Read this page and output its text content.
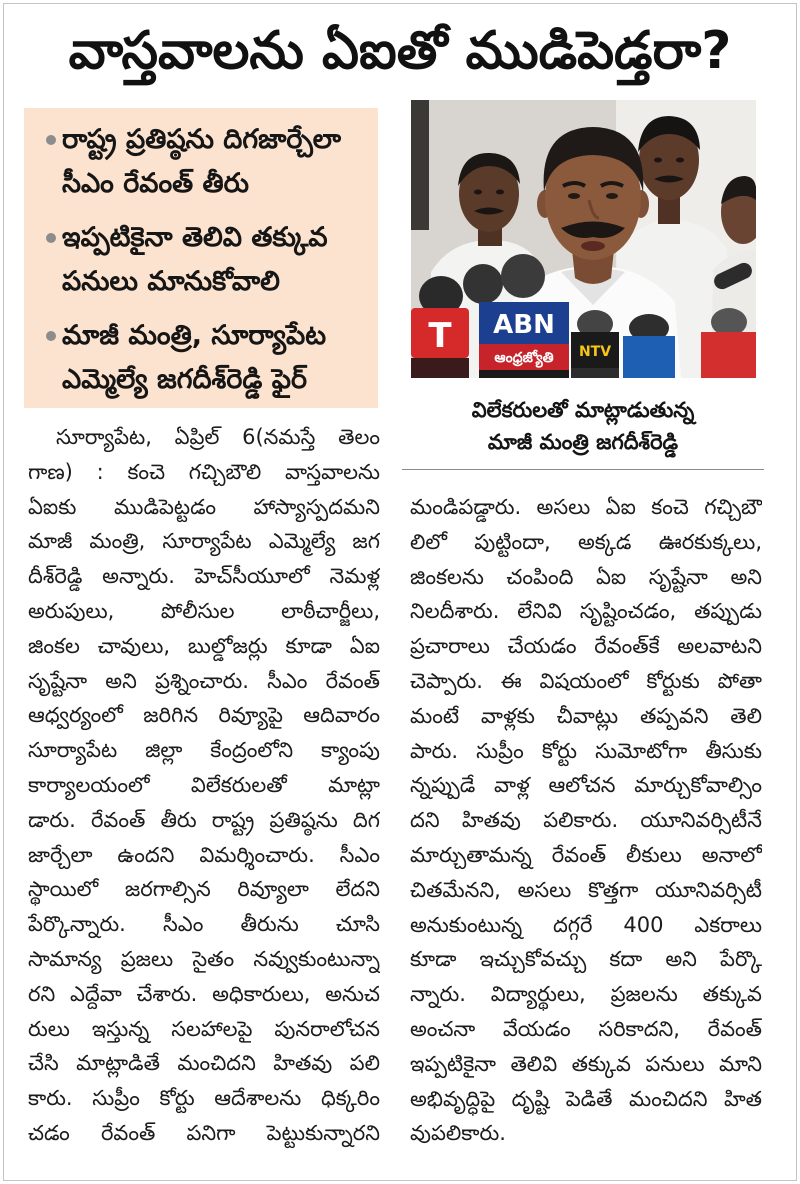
వాస్తవాలను ఏఐతో ముడిపెడ్తరా?
రాష్ట్ర ప్రతిష్ఠను దిగజార్చేలా
సీఎం రేవంత్ తీరు
ఇప్పటికైనా తెలివి తక్కువ
పనులు మానుకోవాలి
మాజీ మంత్రి, సూర్యాపేట
ఎమ్మెల్యే జగదీశ్‌రెడ్డి ఫైర్
T ABN
ఆంధ్రజ్యోతి NTV
విలేకరులతో మాట్లాడుతున్న
మాజీ మంత్రి జగదీశ్‌రెడ్డి
సూర్యాపేట, ఏప్రిల్ 6(నమస్తే తెలం
గాణ) : కంచె గచ్చిబౌలి వాస్తవాలను
ఏఐకు ముడిపెట్టడం హాస్యాస్పదమని
మాజీ మంత్రి, సూర్యాపేట ఎమ్మెల్యే జగ
దీశ్‌రెడ్డి అన్నారు. హెచ్‌సీయూలో నెమళ్ల
అరుపులు, పోలీసుల లాఠీచార్జీలు,
జింకల చావులు, బుల్డోజర్లు కూడా ఏఐ
సృష్టేనా అని ప్రశ్నించారు. సీఎం రేవంత్
ఆధ్వర్యంలో జరిగిన రివ్యూపై ఆదివారం
సూర్యాపేట జిల్లా కేంద్రంలోని క్యాంపు
కార్యాలయంలో విలేకరులతో మాట్లా
డారు. రేవంత్ తీరు రాష్ట్ర ప్రతిష్ఠను దిగ
జార్చేలా ఉందని విమర్శించారు. సీఎం
స్థాయిలో జరగాల్సిన రివ్యూలా లేదని
పేర్కొన్నారు. సీఎం తీరును చూసి
సామాన్య ప్రజలు సైతం నవ్వుకుంటున్నా
రని ఎద్దేవా చేశారు. అధికారులు, అనుచ
రులు ఇస్తున్న సలహాలపై పునరాలోచన
చేసి మాట్లాడితే మంచిదని హితవు పలి
కారు. సుప్రీం కోర్టు ఆదేశాలను ధిక్కరిం
చడం రేవంత్ పనిగా పెట్టుకున్నారని
మండిపడ్డారు. అసలు ఏఐ కంచె గచ్చిబౌ
లిలో పుట్టిందా, అక్కడ ఊరకుక్కలు,
జింకలను చంపింది ఏఐ సృష్టేనా అని
నిలదీశారు. లేనివి సృష్టించడం, తప్పుడు
ప్రచారాలు చేయడం రేవంత్‌కే అలవాటని
చెప్పారు. ఈ విషయంలో కోర్టుకు పోతా
మంటే వాళ్లకు చీవాట్లు తప్పవని తెలి
పారు. సుప్రీం కోర్టు సుమోటోగా తీసుకు
న్నప్పుడే వాళ్ల ఆలోచన మార్చుకోవాల్సిం
దని హితవు పలికారు. యూనివర్సిటీనే
మార్చుతామన్న రేవంత్ లీకులు అనాలో
చితమేనని, అసలు కొత్తగా యూనివర్సిటీ
అనుకుంటున్న దగ్గరే 400 ఎకరాలు
కూడా ఇచ్చుకోవచ్చు కదా అని పేర్కొ
న్నారు. విద్యార్థులు, ప్రజలను తక్కువ
అంచనా వేయడం సరికాదని, రేవంత్
ఇప్పటికైనా తెలివి తక్కువ పనులు మాని
అభివృద్ధిపై దృష్టి పెడితే మంచిదని హిత
వుపలికారు.
